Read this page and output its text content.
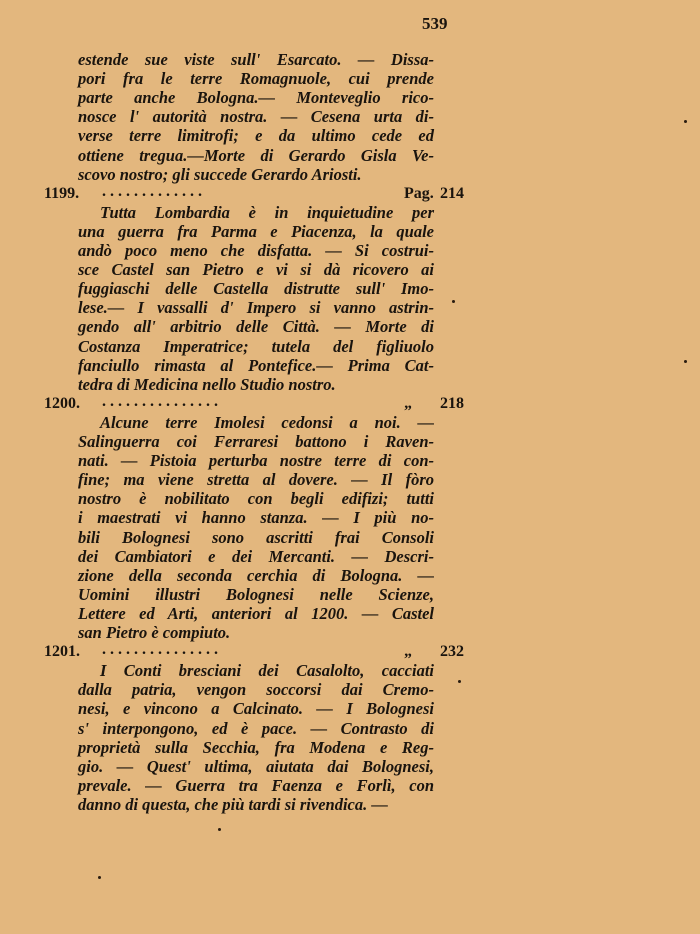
539
estende sue viste sull' Esarcato. — Dissa-
pori fra le terre Romagnuole, cui prende
parte anche Bologna.— Monteveglio rico-
nosce l' autorità nostra. — Cesena urta di-
verse terre limitrofi; e da ultimo cede ed
ottiene tregua.—Morte di Gerardo Gisla Ve-
scovo nostro; gli succede Gerardo Ariosti.
1199. . . . . . . . . . . . . .	Pag. 214
Tutta Lombardia è in inquietudine per
una guerra fra Parma e Piacenza, la quale
andò poco meno che disfatta. — Si costrui-
sce Castel san Pietro e vi si dà ricovero ai
fuggiaschi delle Castella distrutte sull' Imo-
lese.— I vassalli d' Impero si vanno astrin-
gendo all' arbitrio delle Città. — Morte di
Costanza Imperatrice; tutela del figliuolo
fanciullo rimasta al Pontefice.— Prima Cat-
tedra di Medicina nello Studio nostro.
1200. . . . . . . . . . . . . . . .	„ 218
Alcune terre Imolesi cedonsi a noi. —
Salinguerra coi Ferraresi battono i Raven-
nati. — Pistoia perturba nostre terre di con-
fine; ma viene stretta al dovere. — Il fòro
nostro è nobilitato con begli edifizi; tutti
i maestrati vi hanno stanza. — I più no-
bili Bolognesi sono ascritti frai Consoli
dei Cambiatori e dei Mercanti. — Descri-
zione della seconda cerchia di Bologna. —
Uomini illustri Bolognesi nelle Scienze,
Lettere ed Arti, anteriori al 1200. — Castel
san Pietro è compiuto.
1201. . . . . . . . . . . . . . . .	„ 232
I Conti bresciani dei Casalolto, cacciati
dalla patria, vengon soccorsi dai Cremo-
nesi, e vincono a Calcinato. — I Bolognesi
s' interpongono, ed è pace. — Contrasto di
proprietà sulla Secchia, fra Modena e Reg-
gio. — Quest' ultima, aiutata dai Bolognesi,
prevale. — Guerra tra Faenza e Forlì, con
danno di questa, che più tardi si rivendica. —
